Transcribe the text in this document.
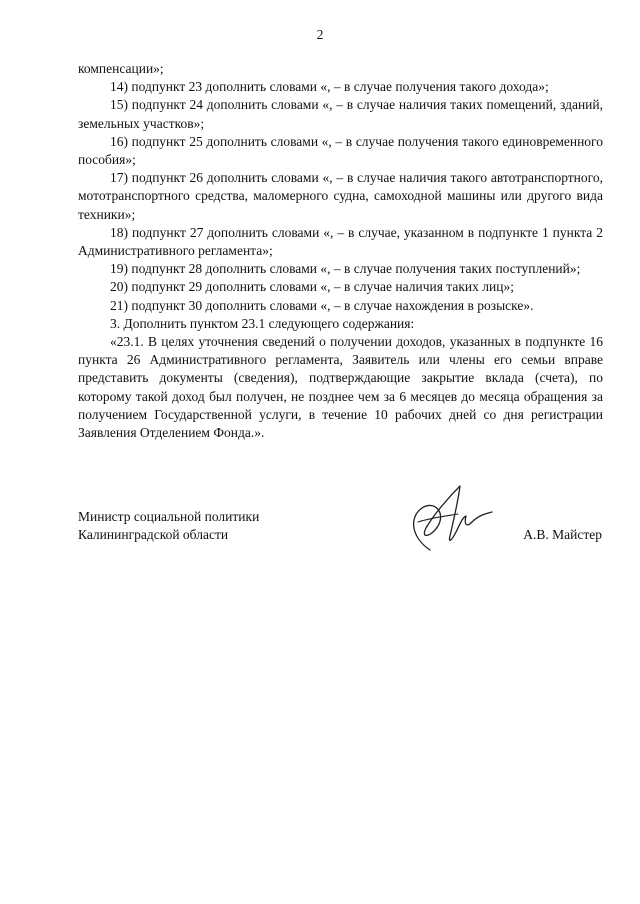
2

компенсации»;

14) подпункт 23 дополнить словами «, – в случае получения такого дохода»;

15) подпункт 24 дополнить словами «, – в случае наличия таких помещений, зданий, земельных участков»;

16) подпункт 25 дополнить словами «, – в случае получения такого единовременного пособия»;

17) подпункт 26 дополнить словами «, – в случае наличия такого автотранспортного, мототранспортного средства, маломерного судна, самоходной машины или другого вида техники»;

18) подпункт 27 дополнить словами «, – в случае, указанном в подпункте 1 пункта 2 Административного регламента»;

19) подпункт 28 дополнить словами «, – в случае получения таких поступлений»;

20) подпункт 29 дополнить словами «, – в случае наличия таких лиц»;

21) подпункт 30 дополнить словами «, – в случае нахождения в розыске».

3. Дополнить пунктом 23.1 следующего содержания:

«23.1. В целях уточнения сведений о получении доходов, указанных в подпункте 16 пункта 26 Административного регламента, Заявитель или члены его семьи вправе представить документы (сведения), подтверждающие закрытие вклада (счета), по которому такой доход был получен, не позднее чем за 6 месяцев до месяца обращения за получением Государственной услуги, в течение 10 рабочих дней со дня регистрации Заявления Отделением Фонда.».

Министр социальной политики
Калининградской области	А.В. Майстер
